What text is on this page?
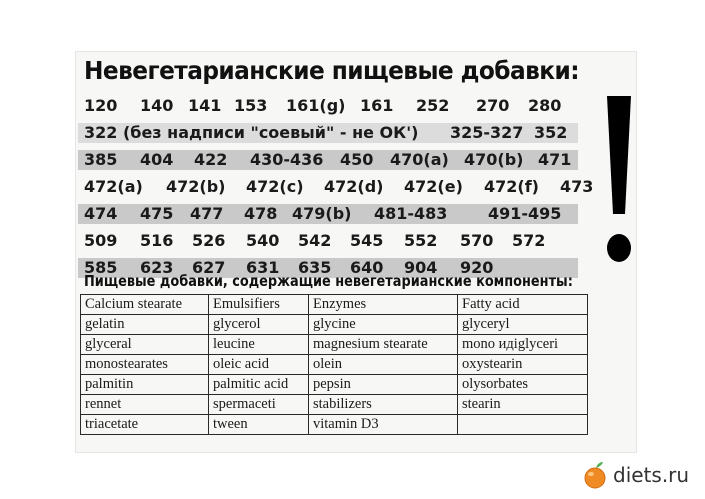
Невегетарианские пищевые добавки:
120 140 141 153 161(g) 161 252 270 280
322 (без надписи "соевый" - не ОК') 325-327 352
385 404 422 430-436 450 470(a) 470(b) 471
472(a) 472(b) 472(c) 472(d) 472(e) 472(f) 473
474 475 477 478 479(b) 481-483	491-495
509 516 526 540 542 545 552 570 572
585 623 627 631 635 640 904 920
Пищевые добавки, содержащие невегетарианские компоненты:
Calcium stearate	Emulsifiers	Enzymes	Fatty acid
gelatin	glycerol	glycine	glyceryl
glyceral	leucine	magnesium stearate	mono идiglyceri
monostearates	oleic acid	olein	oxystearin
palmitin	palmitic acid	pepsin	olysorbates
rennet	spermaceti	stabilizers	stearin
triacetate	tween	vitamin D3	
diets.ru
